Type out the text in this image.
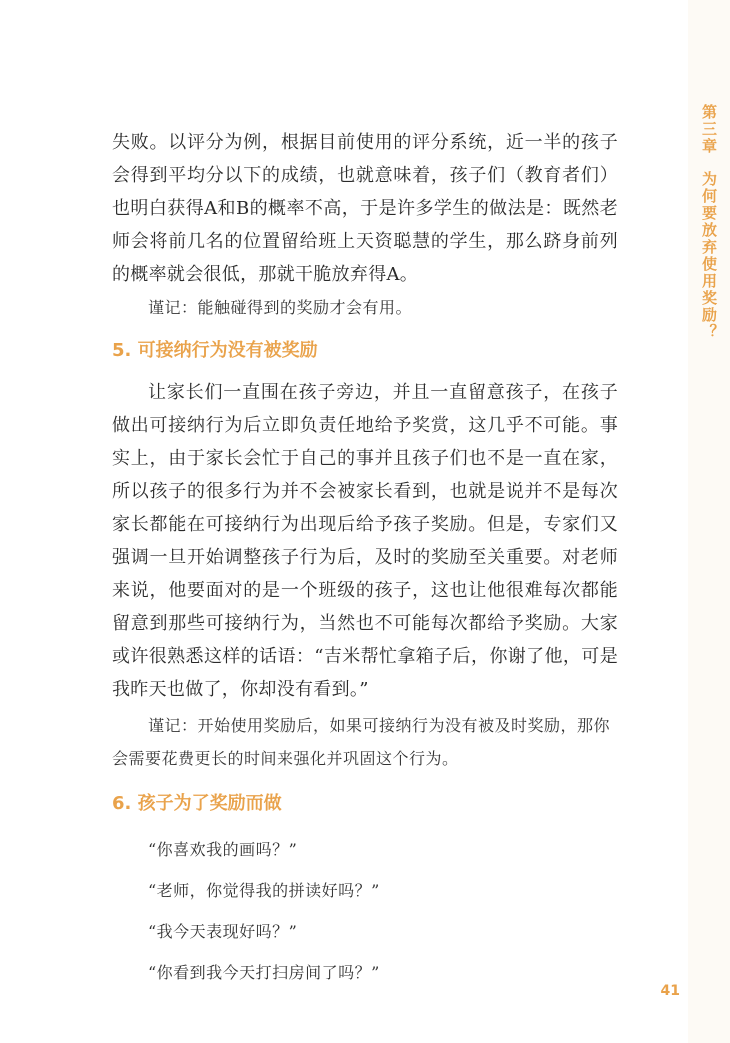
第三章为何要放弃使用奖励？

失败。以评分为例，根据目前使用的评分系统，近一半的孩子会得到平均分以下的成绩，也就意味着，孩子们（教育者们）也明白获得A和B的概率不高，于是许多学生的做法是：既然老师会将前几名的位置留给班上天资聪慧的学生，那么跻身前列的概率就会很低，那就干脆放弃得A。

谨记：能触碰得到的奖励才会有用。

5. 可接纳行为没有被奖励

让家长们一直围在孩子旁边，并且一直留意孩子，在孩子做出可接纳行为后立即负责任地给予奖赏，这几乎不可能。事实上，由于家长会忙于自己的事并且孩子们也不是一直在家，所以孩子的很多行为并不会被家长看到，也就是说并不是每次家长都能在可接纳行为出现后给予孩子奖励。但是，专家们又强调一旦开始调整孩子行为后，及时的奖励至关重要。对老师来说，他要面对的是一个班级的孩子，这也让他很难每次都能留意到那些可接纳行为，当然也不可能每次都给予奖励。大家或许很熟悉这样的话语：“吉米帮忙拿箱子后，你谢了他，可是我昨天也做了，你却没有看到。”

谨记：开始使用奖励后，如果可接纳行为没有被及时奖励，那你会需要花费更长的时间来强化并巩固这个行为。

6. 孩子为了奖励而做

“你喜欢我的画吗？”

“老师，你觉得我的拼读好吗？”

“我今天表现好吗？”

“你看到我今天打扫房间了吗？”

41
